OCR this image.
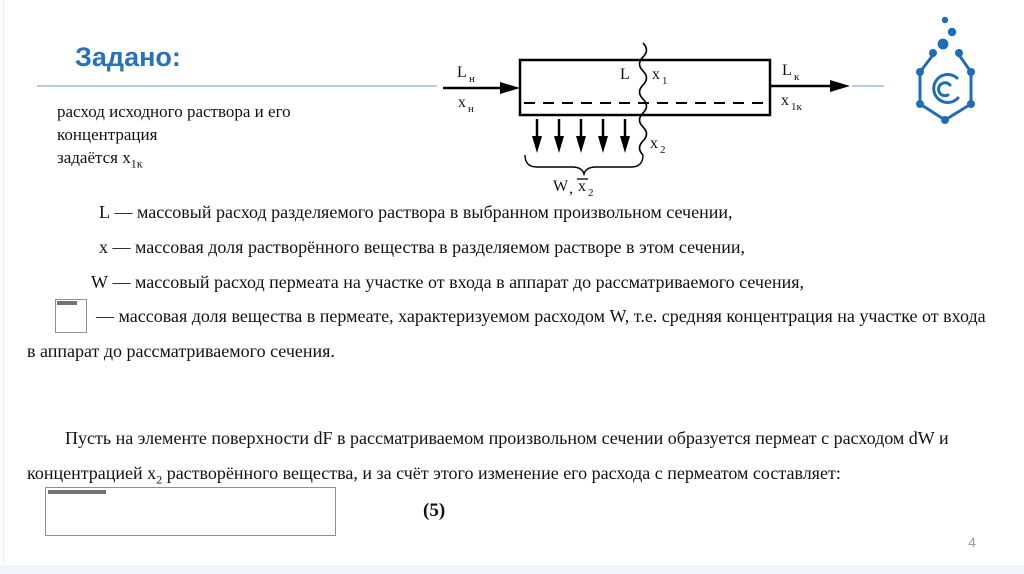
Задано:
расход исходного раствора и его
концентрация
задаётся $x_{1к}$
L н
x н
L к
x 1к
L x 1
x 2
W , x 2
L — массовый расход разделяемого раствора в выбранном произвольном сечении,
х — массовая доля растворённого вещества в разделяемом растворе в этом сечении,
W — массовый расход пермеата на участке от входа в аппарат до рассматриваемого сечения,
— массовая доля вещества в пермеате, характеризуемом расходом W, т.е. средняя концентрация на участке от входа в аппарат до рассматриваемого сечения.
Пусть на элементе поверхности dF в рассматриваемом произвольном сечении образуется пермеат с расходом dW и концентрацией $x_2$ растворённого вещества, и за счёт этого изменение его расхода с пермеатом составляет:
(5)
4
